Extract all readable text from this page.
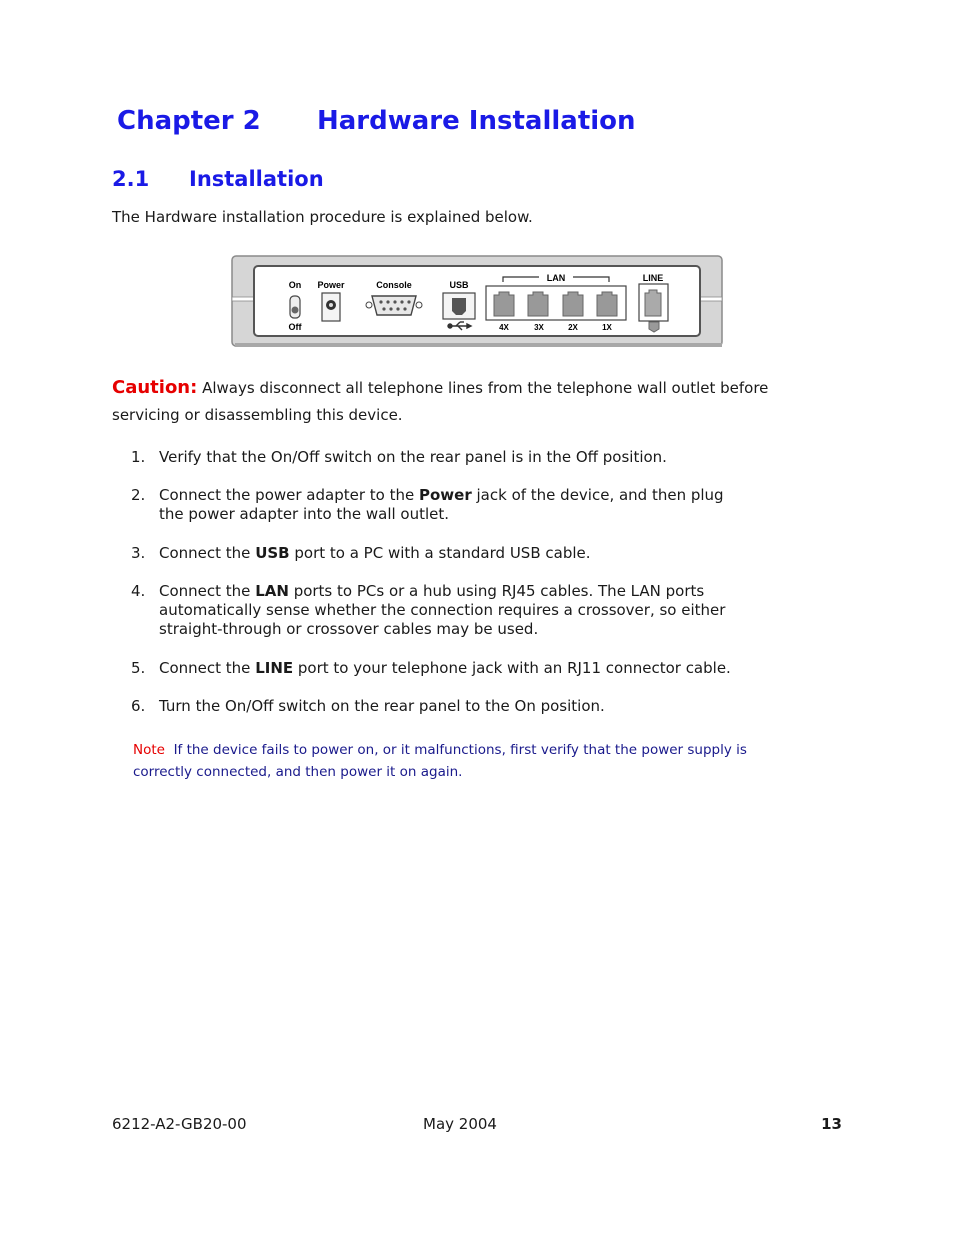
Chapter 2 Hardware Installation
2.1 Installation
The Hardware installation procedure is explained below.
On
Off
Power	Console	USB
LAN
4X	3X	2X	1X
LINE
Caution: Always disconnect all telephone lines from the telephone wall outlet before servicing or disassembling this device.
1. Verify that the On/Off switch on the rear panel is in the Off position.
2. Connect the power adapter to the Power jack of the device, and then plug the power adapter into the wall outlet.
3. Connect the USB port to a PC with a standard USB cable.
4. Connect the LAN ports to PCs or a hub using RJ45 cables. The LAN ports automatically sense whether the connection requires a crossover, so either straight-through or crossover cables may be used.
5. Connect the LINE port to your telephone jack with an RJ11 connector cable.
6. Turn the On/Off switch on the rear panel to the On position.
Note If the device fails to power on, or it malfunctions, first verify that the power supply is correctly connected, and then power it on again.
6212-A2-GB20-00	May 2004	13
